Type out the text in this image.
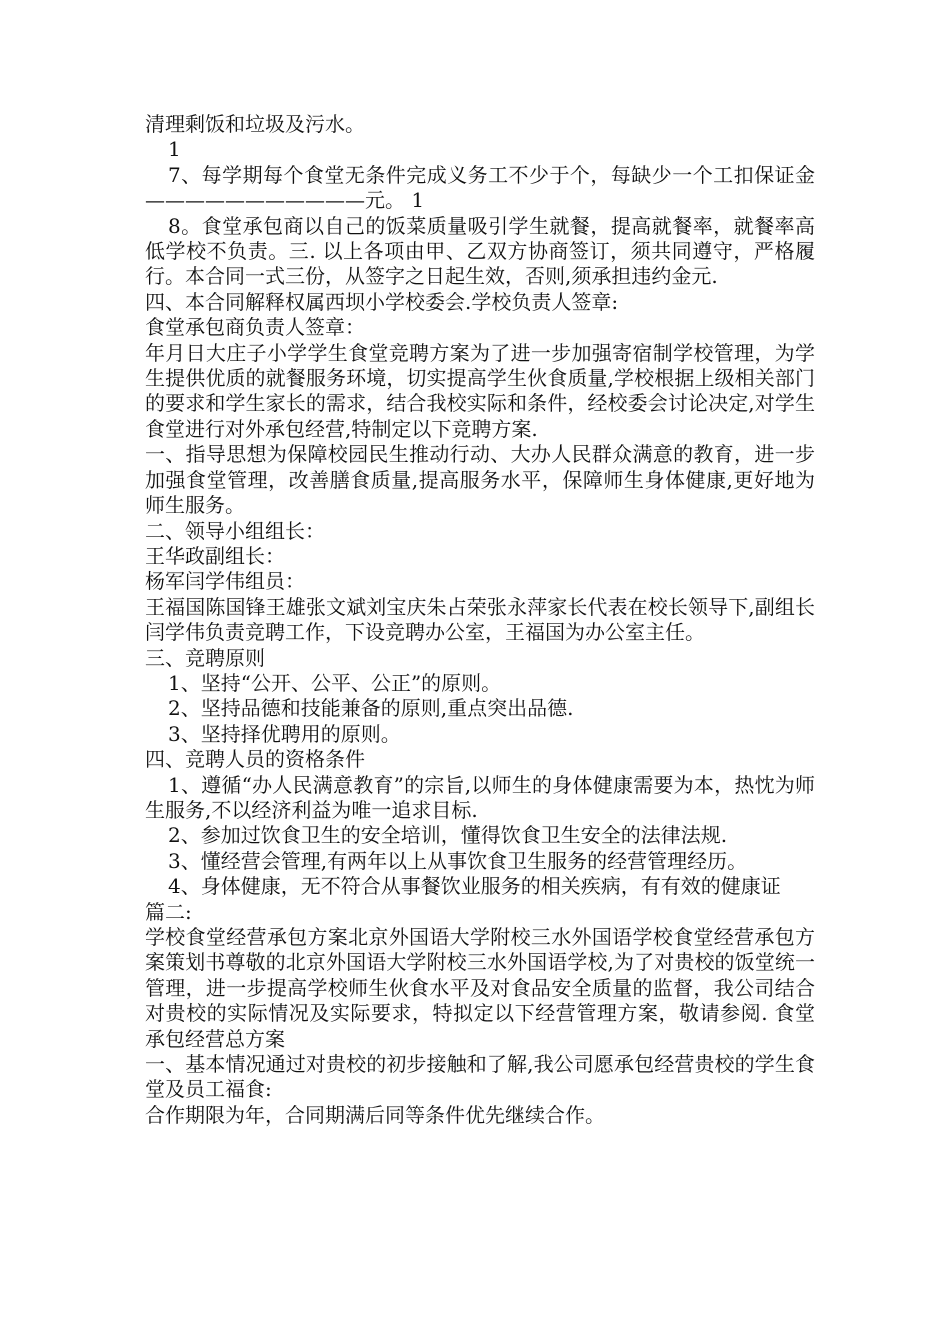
清理剩饭和垃圾及污水。

1

7、每学期每个食堂无条件完成义务工不少于个，每缺少一个工扣保证金———————————元。 1

8。食堂承包商以自己的饭菜质量吸引学生就餐，提高就餐率，就餐率高低学校不负责。三. 以上各项由甲、乙双方协商签订，须共同遵守，严格履行。本合同一式三份，从签字之日起生效，否则,须承担违约金元.

四、本合同解释权属西坝小学校委会.学校负责人签章:

食堂承包商负责人签章：

年月日大庄子小学学生食堂竞聘方案为了进一步加强寄宿制学校管理，为学生提供优质的就餐服务环境，切实提高学生伙食质量,学校根据上级相关部门的要求和学生家长的需求，结合我校实际和条件，经校委会讨论决定,对学生食堂进行对外承包经营,特制定以下竞聘方案.

一、指导思想为保障校园民生推动行动、大办人民群众满意的教育，进一步加强食堂管理，改善膳食质量,提高服务水平，保障师生身体健康,更好地为师生服务。

二、领导小组组长：

王华政副组长：

杨军闫学伟组员：

王福国陈国锋王雄张文斌刘宝庆朱占荣张永萍家长代表在校长领导下,副组长闫学伟负责竞聘工作，下设竞聘办公室，王福国为办公室主任。

三、竞聘原则

1、坚持“公开、公平、公正”的原则。

2、坚持品德和技能兼备的原则,重点突出品德.

3、坚持择优聘用的原则。

四、竞聘人员的资格条件

1、遵循“办人民满意教育”的宗旨,以师生的身体健康需要为本，热忱为师生服务,不以经济利益为唯一追求目标.

2、参加过饮食卫生的安全培训，懂得饮食卫生安全的法律法规.

3、懂经营会管理,有两年以上从事饮食卫生服务的经营管理经历。

4、身体健康，无不符合从事餐饮业服务的相关疾病，有有效的健康证

篇二:

学校食堂经营承包方案北京外国语大学附校三水外国语学校食堂经营承包方案策划书尊敬的北京外国语大学附校三水外国语学校,为了对贵校的饭堂统一管理，进一步提高学校师生伙食水平及对食品安全质量的监督，我公司结合对贵校的实际情况及实际要求，特拟定以下经营管理方案，敬请参阅. 食堂承包经营总方案

一、基本情况通过对贵校的初步接触和了解,我公司愿承包经营贵校的学生食堂及员工福食:

合作期限为年，合同期满后同等条件优先继续合作。
